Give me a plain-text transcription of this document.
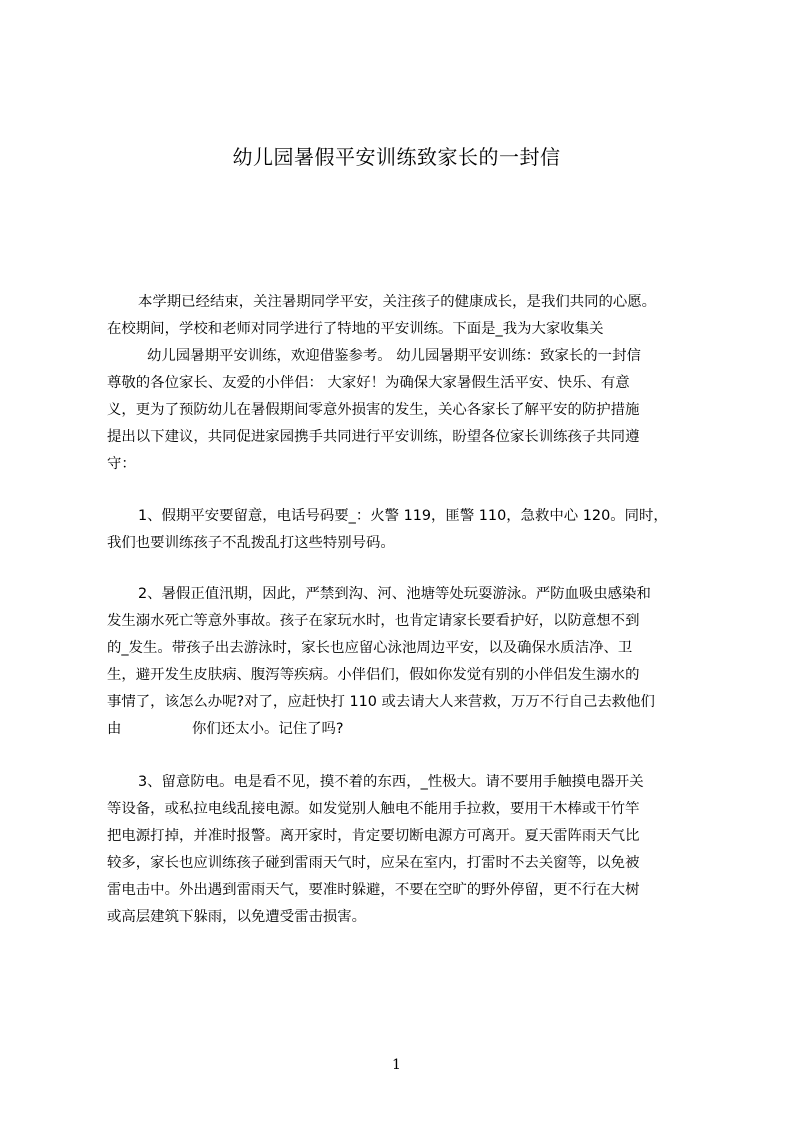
幼儿园暑假平安训练致家长的一封信
本学期已经结束，关注暑期同学平安，关注孩子的健康成长，是我们共同的心愿。
在校期间，学校和老师对同学进行了特地的平安训练。下面是_我为大家收集关
幼儿园暑期平安训练，欢迎借鉴参考。 幼儿园暑期平安训练：致家长的一封信
尊敬的各位家长、友爱的小伴侣： 大家好！为确保大家暑假生活平安、快乐、有意
义，更为了预防幼儿在暑假期间零意外损害的发生，关心各家长了解平安的防护措施
提出以下建议，共同促进家园携手共同进行平安训练，盼望各位家长训练孩子共同遵
守：
1、假期平安要留意，电话号码要_：火警 119，匪警 110，急救中心 120。同时，
我们也要训练孩子不乱拨乱打这些特别号码。
2、暑假正值汛期，因此，严禁到沟、河、池塘等处玩耍游泳。严防血吸虫感染和
发生溺水死亡等意外事故。孩子在家玩水时，也肯定请家长要看护好，以防意想不到
的_发生。带孩子出去游泳时，家长也应留心泳池周边平安，以及确保水质洁净、卫
生，避开发生皮肤病、腹泻等疾病。小伴侣们，假如你发觉有别的小伴侣发生溺水的
事情了，该怎么办呢?对了，应赶快打 110 或去请大人来营救，万万不行自己去救他们
由	你们还太小。记住了吗?
3、留意防电。电是看不见，摸不着的东西，_性极大。请不要用手触摸电器开关
等设备，或私拉电线乱接电源。如发觉别人触电不能用手拉救，要用干木棒或干竹竿
把电源打掉，并准时报警。离开家时，肯定要切断电源方可离开。夏天雷阵雨天气比
较多，家长也应训练孩子碰到雷雨天气时，应呆在室内，打雷时不去关窗等，以免被
雷电击中。外出遇到雷雨天气，要准时躲避，不要在空旷的野外停留，更不行在大树
或高层建筑下躲雨，以免遭受雷击损害。
1
